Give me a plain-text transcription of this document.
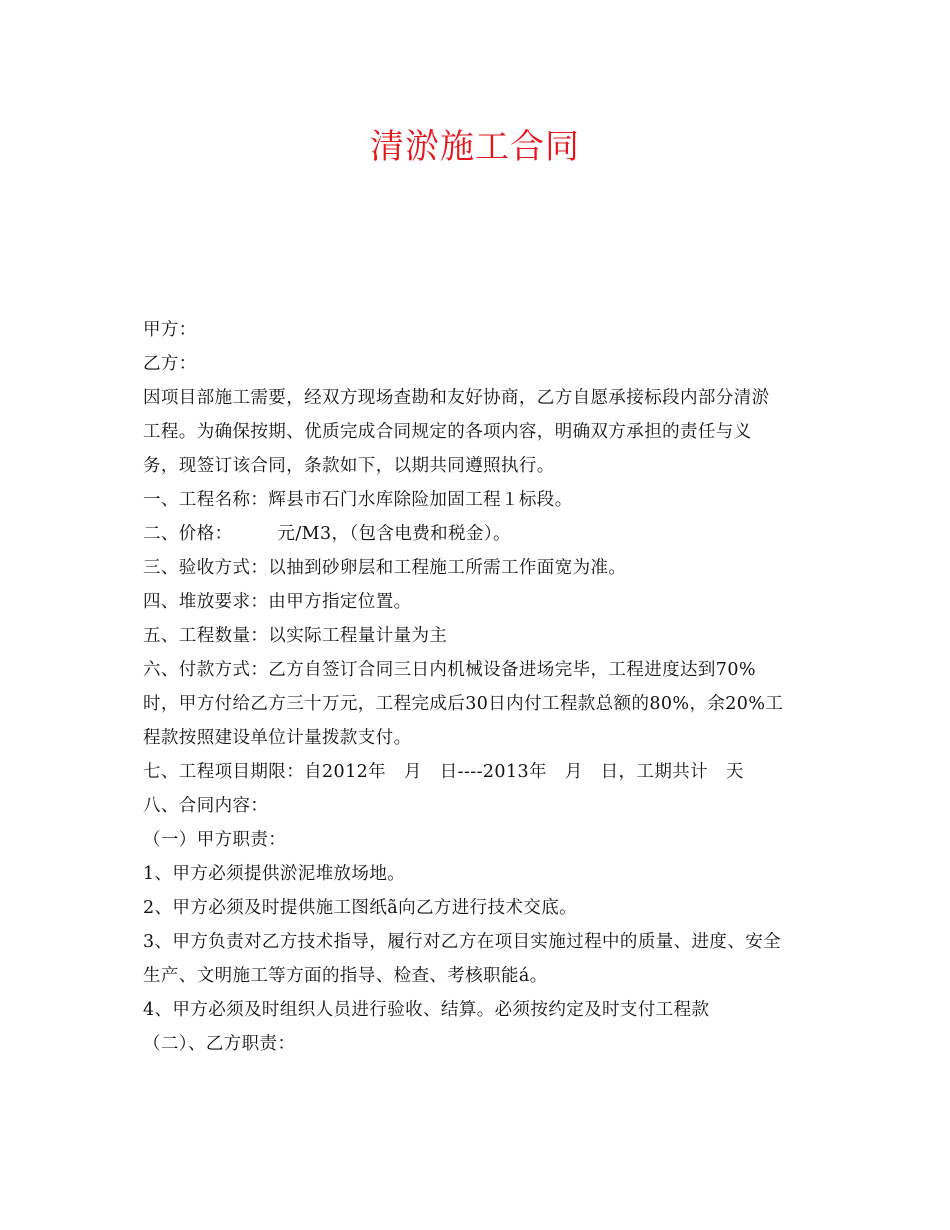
清淤施工合同
甲方：
乙方：
因项目部施工需要，经双方现场查勘和友好协商，乙方自愿承接标段内部分清淤
工程。为确保按期、优质完成合同规定的各项内容，明确双方承担的责任与义
务，现签订该合同，条款如下，以期共同遵照执行。
一、工程名称：辉县市石门水库除险加固工程１标段。
二、价格：　　　元/M3，（包含电费和税金）。
三、验收方式：以抽到砂卵层和工程施工所需工作面宽为准。
四、堆放要求：由甲方指定位置。
五、工程数量：以实际工程量计量为主
六、付款方式：乙方自签订合同三日内机械设备进场完毕，工程进度达到70%
时，甲方付给乙方三十万元，工程完成后30日内付工程款总额的80%，余20%工
程款按照建设单位计量拨款支付。
七、工程项目期限：自2012年　月　日----2013年　月　日，工期共计　天
八、合同内容：
（一）甲方职责：
1、甲方必须提供淤泥堆放场地。
2、甲方必须及时提供施工图纸ã向乙方进行技术交底。
3、甲方负责对乙方技术指导，履行对乙方在项目实施过程中的质量、进度、安全
生产、文明施工等方面的指导、检查、考核职能á。
4、甲方必须及时组织人员进行验收、结算。必须按约定及时支付工程款
（二）、乙方职责：
